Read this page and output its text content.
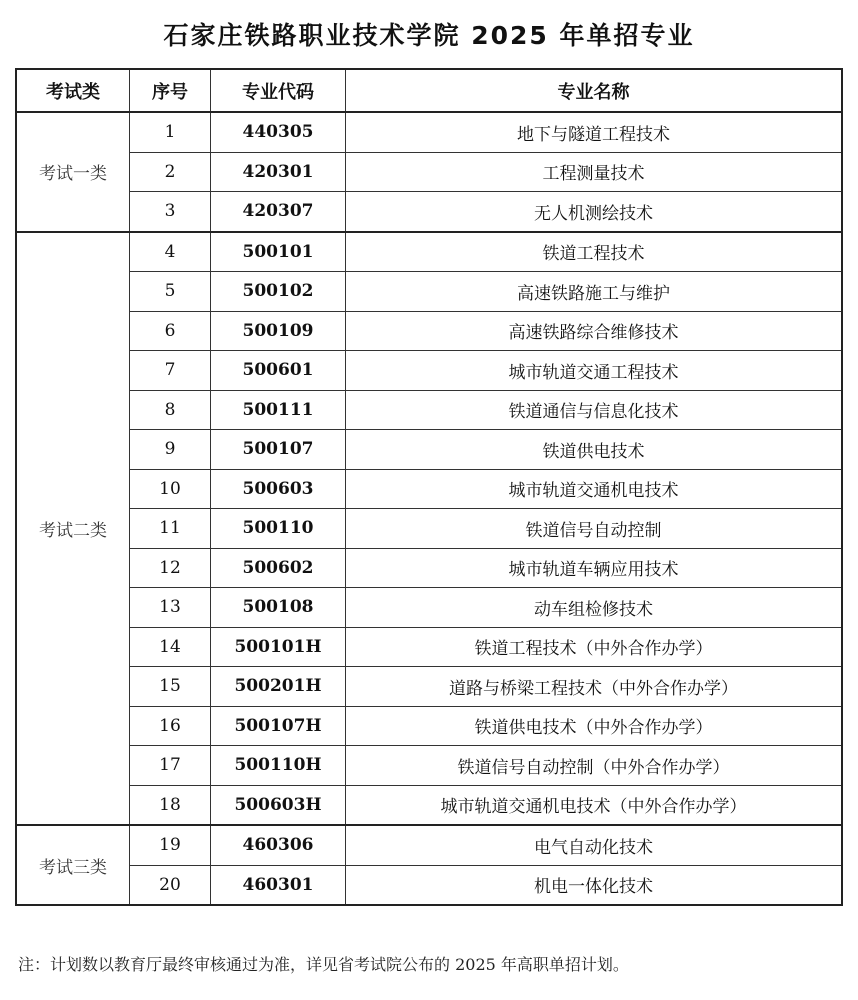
石家庄铁路职业技术学院 2025 年单招专业
考试类	序号	专业代码	专业名称
考试一类	1	440305	地下与隧道工程技术
	2	420301	工程测量技术
	3	420307	无人机测绘技术
考试二类	4	500101	铁道工程技术
	5	500102	高速铁路施工与维护
	6	500109	高速铁路综合维修技术
	7	500601	城市轨道交通工程技术
	8	500111	铁道通信与信息化技术
	9	500107	铁道供电技术
	10	500603	城市轨道交通机电技术
	11	500110	铁道信号自动控制
	12	500602	城市轨道车辆应用技术
	13	500108	动车组检修技术
	14	500101H	铁道工程技术（中外合作办学）
	15	500201H	道路与桥梁工程技术（中外合作办学）
	16	500107H	铁道供电技术（中外合作办学）
	17	500110H	铁道信号自动控制（中外合作办学）
	18	500603H	城市轨道交通机电技术（中外合作办学）
考试三类	19	460306	电气自动化技术
	20	460301	机电一体化技术
注：计划数以教育厅最终审核通过为准，详见省考试院公布的 2025 年高职单招计划。
